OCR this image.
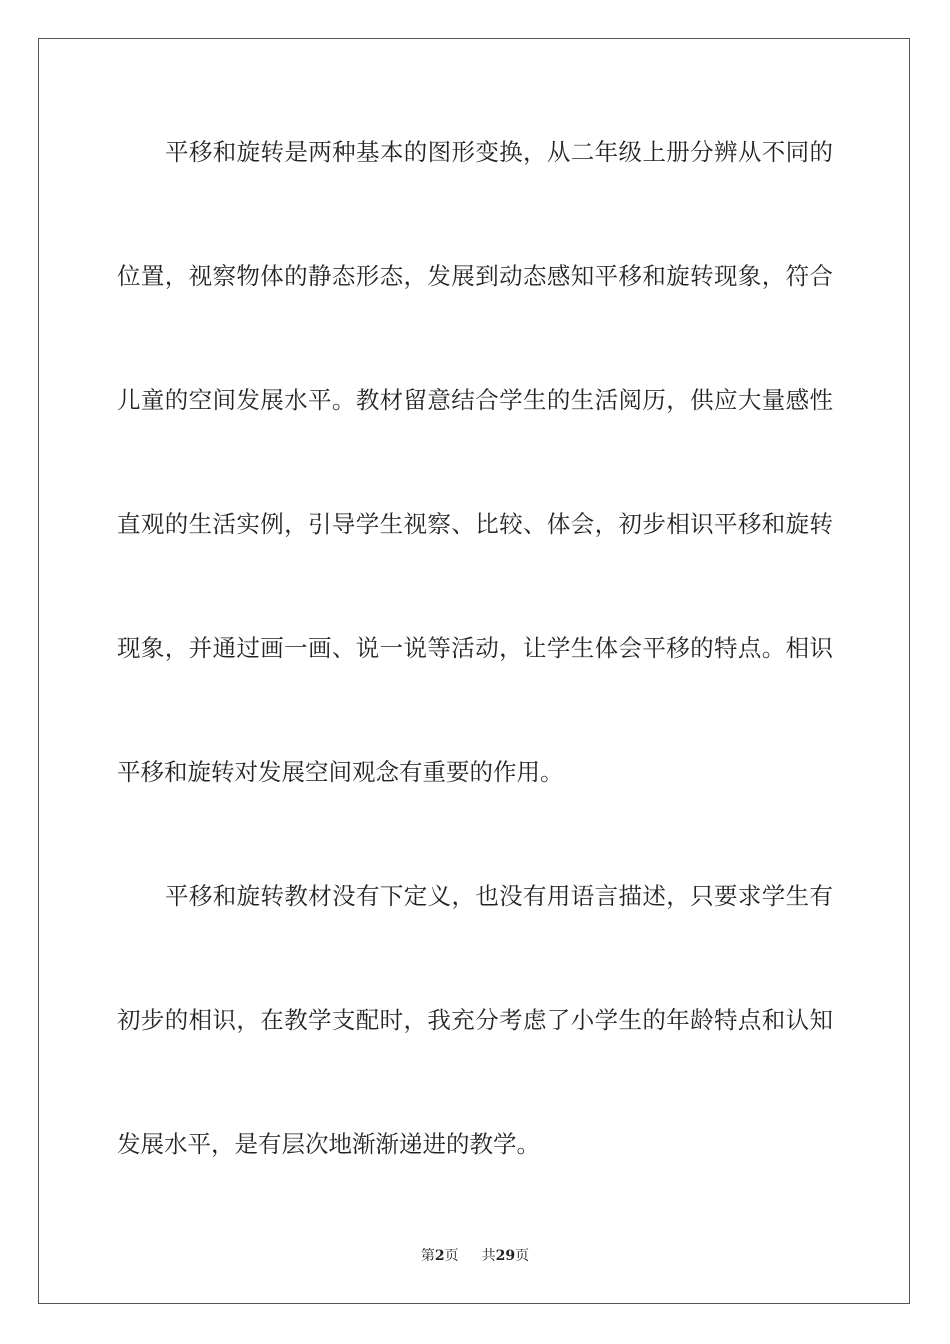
平移和旋转是两种基本的图形变换，从二年级上册分辨从不同的
位置，视察物体的静态形态，发展到动态感知平移和旋转现象，符合
儿童的空间发展水平。教材留意结合学生的生活阅历，供应大量感性
直观的生活实例，引导学生视察、比较、体会，初步相识平移和旋转
现象，并通过画一画、说一说等活动，让学生体会平移的特点。相识
平移和旋转对发展空间观念有重要的作用。
平移和旋转教材没有下定义，也没有用语言描述，只要求学生有
初步的相识，在教学支配时，我充分考虑了小学生的年龄特点和认知
发展水平，是有层次地渐渐递进的教学。
第2页 共29页
